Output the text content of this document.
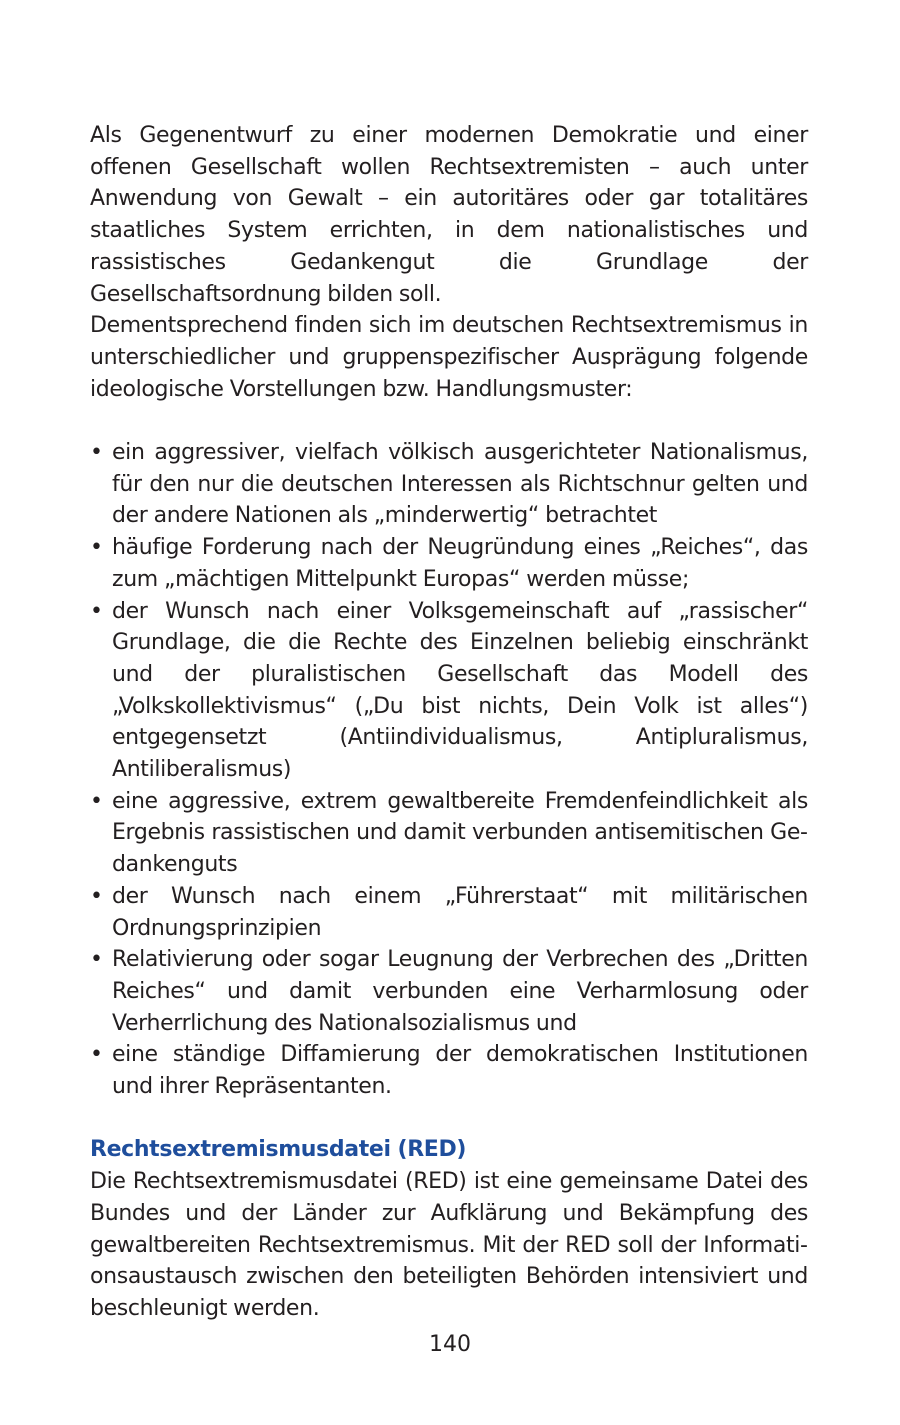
Als Gegenentwurf zu einer modernen Demokratie und einer offenen Gesellschaft wollen Rechtsextremisten – auch unter Anwendung von Gewalt – ein autoritäres oder gar totalitäres staatliches System errichten, in dem nationalistisches und rassistisches Gedankengut die Grundlage der Gesellschaftsordnung bilden soll.

Dementsprechend finden sich im deutschen Rechtsextremismus in unterschiedlicher und gruppenspezifischer Ausprägung folgende ideologische Vorstellungen bzw. Handlungsmuster:

• ein aggressiver, vielfach völkisch ausgerichteter Nationalismus, für den nur die deutschen Interessen als Richtschnur gelten und der andere Nationen als „minderwertig“ betrachtet
• häufige Forderung nach der Neugründung eines „Reiches“, das zum „mächtigen Mittelpunkt Europas“ werden müsse;
• der Wunsch nach einer Volksgemeinschaft auf „rassischer“ Grundlage, die die Rechte des Einzelnen beliebig einschränkt und der pluralistischen Gesellschaft das Modell des „Volkskollektivismus“ („Du bist nichts, Dein Volk ist alles“) entgegensetzt (Antiindividualismus, Antipluralismus, Antiliberalismus)
• eine aggressive, extrem gewaltbereite Fremdenfeindlichkeit als Ergebnis rassistischen und damit verbunden antisemitischen Gedankenguts
• der Wunsch nach einem „Führerstaat“ mit militärischen Ordnungsprinzipien
• Relativierung oder sogar Leugnung der Verbrechen des „Dritten Reiches“ und damit verbunden eine Verharmlosung oder Verherrlichung des Nationalsozialismus und
• eine ständige Diffamierung der demokratischen Institutionen und ihrer Repräsentanten.
Rechtsextremismusdatei (RED)

Die Rechtsextremismusdatei (RED) ist eine gemeinsame Datei des Bundes und der Länder zur Aufklärung und Bekämpfung des gewaltbereiten Rechtsextremismus. Mit der RED soll der Informationsaustausch zwischen den beteiligten Behörden intensiviert und beschleunigt werden.

140
